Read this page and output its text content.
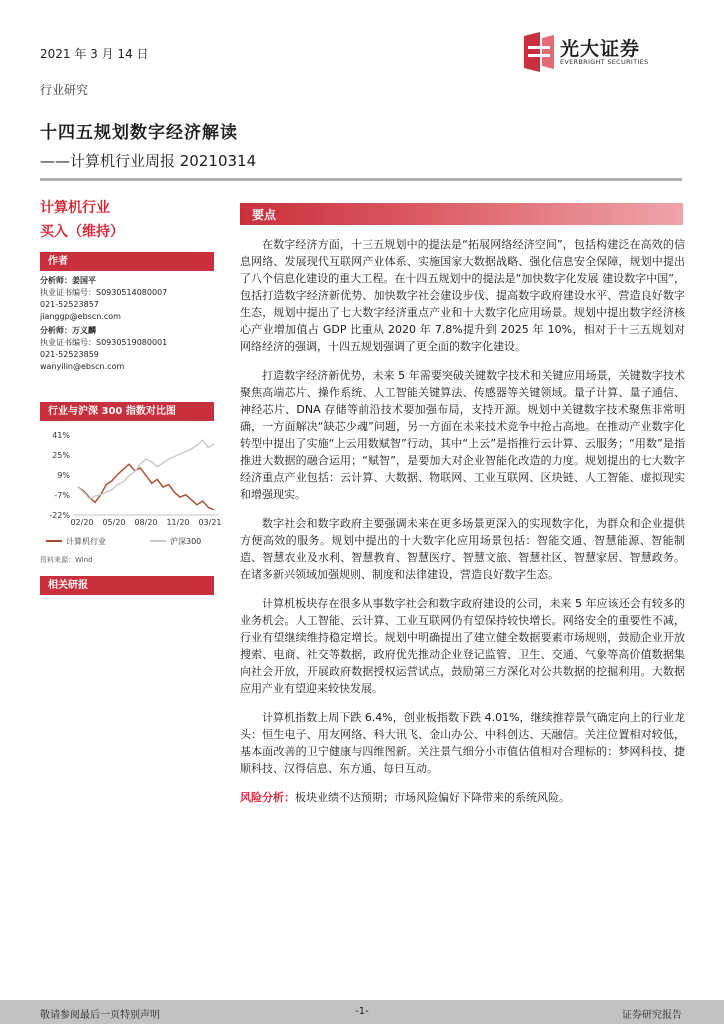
2021 年 3 月 14 日	光大证券
EVERBRIGHT SECURITIES
行业研究
十四五规划数字经济解读
——计算机行业周报 20210314
计算机行业
买入（维持）
作者
分析师：姜国平
执业证书编号：S0930514080007
021-52523857
jianggp@ebscn.com
分析师：万义麟
执业证书编号：S0930519080001
021-52523859
wanyilin@ebscn.com
行业与沪深 300 指数对比图
41%
25%
9%
-7%
-22%
02/20 05/20 08/20 11/20 03/21
计算机行业	沪深300
资料来源：Wind
相关研报
要点

在数字经济方面，十三五规划中的提法是“拓展网络经济空间”，包括构建泛在高效的信息网络、发展现代互联网产业体系、实施国家大数据战略、强化信息安全保障，规划中提出了八个信息化建设的重大工程。在十四五规划中的提法是“加快数字化发展 建设数字中国”，包括打造数字经济新优势、加快数字社会建设步伐、提高数字政府建设水平、营造良好数字生态，规划中提出了七大数字经济重点产业和十大数字化应用场景。规划中提出数字经济核心产业增加值占 GDP 比重从 2020 年 7.8%提升到 2025 年 10%，相对于十三五规划对网络经济的强调，十四五规划强调了更全面的数字化建设。

打造数字经济新优势，未来 5 年需要突破关键数字技术和关键应用场景，关键数字技术聚焦高端芯片、操作系统、人工智能关键算法、传感器等关键领域。量子计算、量子通信、神经芯片、DNA 存储等前沿技术要加强布局，支持开源。规划中关键数字技术聚焦非常明确，一方面解决“缺芯少魂”问题，另一方面在未来技术竞争中抢占高地。在推动产业数字化转型中提出了实施“上云用数赋智”行动，其中“上云”是指推行云计算、云服务；“用数”是指推进大数据的融合运用；“赋智”，是要加大对企业智能化改造的力度。规划提出的七大数字经济重点产业包括：云计算、大数据、物联网、工业互联网、区块链、人工智能、虚拟现实和增强现实。

数字社会和数字政府主要强调未来在更多场景更深入的实现数字化，为群众和企业提供方便高效的服务。规划中提出的十大数字化应用场景包括：智能交通、智慧能源、智能制造、智慧农业及水利、智慧教育、智慧医疗、智慧文旅、智慧社区、智慧家居、智慧政务。在诸多新兴领域加强规则、制度和法律建设，营造良好数字生态。

计算机板块存在很多从事数字社会和数字政府建设的公司，未来 5 年应该还会有较多的业务机会。人工智能、云计算、工业互联网仍有望保持较快增长。网络安全的重要性不减，行业有望继续维持稳定增长。规划中明确提出了建立健全数据要素市场规则，鼓励企业开放搜索、电商、社交等数据，政府优先推动企业登记监管、卫生、交通、气象等高价值数据集向社会开放，开展政府数据授权运营试点，鼓励第三方深化对公共数据的挖掘利用。大数据应用产业有望迎来较快发展。

计算机指数上周下跌 6.4%，创业板指数下跌 4.01%，继续推荐景气确定向上的行业龙头：恒生电子、用友网络、科大讯飞、金山办公、中科创达、天融信。关注位置相对较低，基本面改善的卫宁健康与四维图新。关注景气细分小市值估值相对合理标的：梦网科技、捷顺科技、汉得信息、东方通、每日互动。

风险分析：板块业绩不达预期；市场风险偏好下降带来的系统风险。

敬请参阅最后一页特别声明	-1-	证券研究报告
